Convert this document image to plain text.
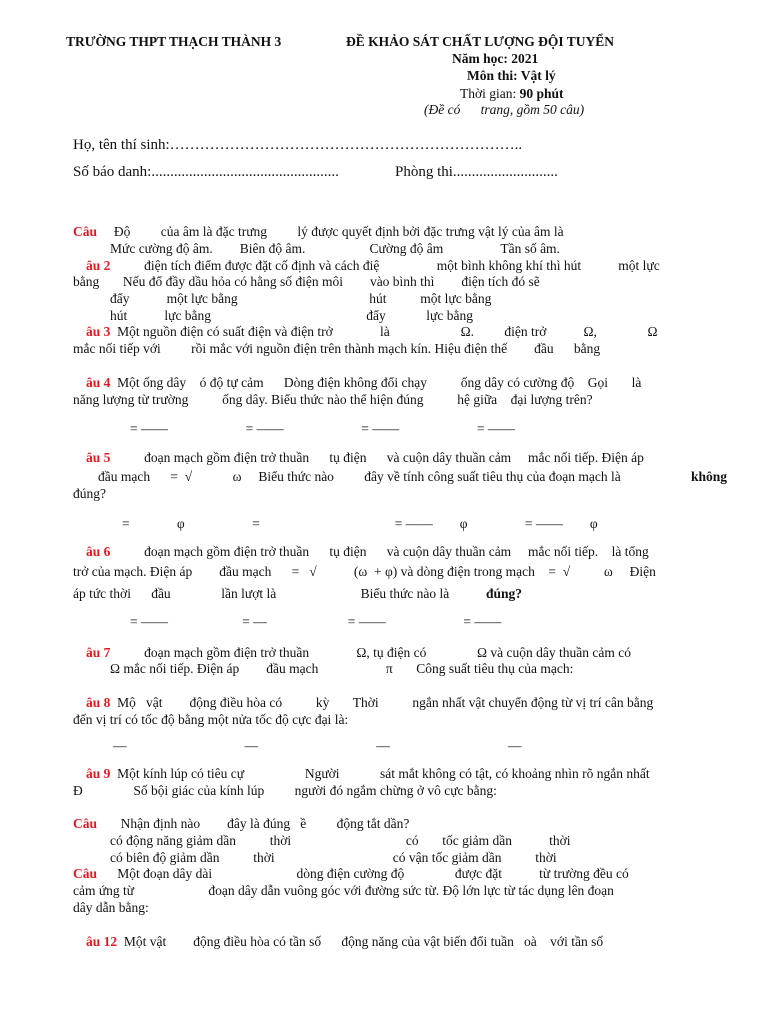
TRƯỜNG THPT THẠCH THÀNH 3	ĐỀ KHẢO SÁT CHẤT LƯỢNG ĐỘI TUYỂN
Năm học: 2021
Môn thi: Vật lý
Thời gian: 90 phút
(Đề có      trang, gồm 50 câu)
Họ, tên thí sinh:……………………………………………………………..
Số báo danh:..................................................	Phòng thi............................
Câu     Độ         của âm là đặc trưng         lý được quyết định bởi đặc trưng vật lý của âm là
Mức cường độ âm.        Biên độ âm.                   Cường độ âm                 Tần số âm.
âu 2          điện tích điểm được đặt cố định và cách điệ                 một bình không khí thì hút           một lực
bằng       Nếu đổ đầy dầu hỏa có hằng số điện môi        vào bình thì        điện tích đó sẽ
đẩy           một lực bằng                                       hút          một lực bằng
hút           lực bằng                                              đẩy            lực bằng
âu 3  Một nguồn điện có suất điện và điện trở              là                     Ω.         điện trở           Ω,               Ω
mắc nối tiếp với         rồi mắc với nguồn điện trên thành mạch kín. Hiệu điện thế        đầu      bằng
âu 4  Một ống dây    ó độ tự cảm      Dòng điện không đổi chạy          ống dây có cường độ    Gọi       là
năng lượng từ trường          ống dây. Biểu thức nào thể hiện đúng          hệ giữa    đại lượng trên?
= ——                       = ——                       = ——                       = ——
âu 5          đoạn mạch gồm điện trở thuần      tụ điện      và cuộn dây thuần cảm     mắc nối tiếp. Điện áp
đầu mạch      =  √            ω     Biểu thức nào         đây về tính công suất tiêu thụ của đoạn mạch là	không
đúng?
=              φ                    =                                        = ——        φ                 = ——        φ
âu 6          đoạn mạch gồm điện trở thuần      tụ điện      và cuộn dây thuần cảm     mắc nối tiếp.    là tổng
trở của mạch. Điện áp        đầu mạch      =   √           (ω  + φ) và dòng điện trong mạch    =  √          ω     Điện
áp tức thời      đầu               lần lượt là                         Biểu thức nào là đúng?
= ——                      = —                        = ——                       = ——
âu 7          đoạn mạch gồm điện trở thuần              Ω, tụ điện có               Ω và cuộn dây thuần cảm có
Ω mắc nối tiếp. Điện áp        đầu mạch                    π       Công suất tiêu thụ của mạch:
âu 8  Mộ   vật        động điều hòa có          kỳ       Thời          ngắn nhất vật chuyển động từ vị trí cân bằng
đến vị trí có tốc độ bằng một nửa tốc độ cực đại là:
—                                   —                                   —                                   —
âu 9  Một kính lúp có tiêu cự                  Người            sát mắt không có tật, có khoảng nhìn rõ ngắn nhất
Đ               Số bội giác của kính lúp         người đó ngắm chừng ở vô cực bằng:
Câu       Nhận định nào        đây là đúng   ề         động tắt dần?
có động năng giảm dần          thời                                  có       tốc giảm dần           thời
có biên độ giảm dần          thời                                   có vận tốc giảm dần          thời
Câu      Một đoạn dây dài                         dòng điện cường độ               được đặt           từ trường đều có
cảm ứng từ                      đoạn dây dẫn vuông góc với đường sức từ. Độ lớn lực từ tác dụng lên đoạn
dây dẫn bằng:
âu 12  Một vật        động điều hòa có tần số      động năng của vật biến đổi tuần   oà    với tần số
